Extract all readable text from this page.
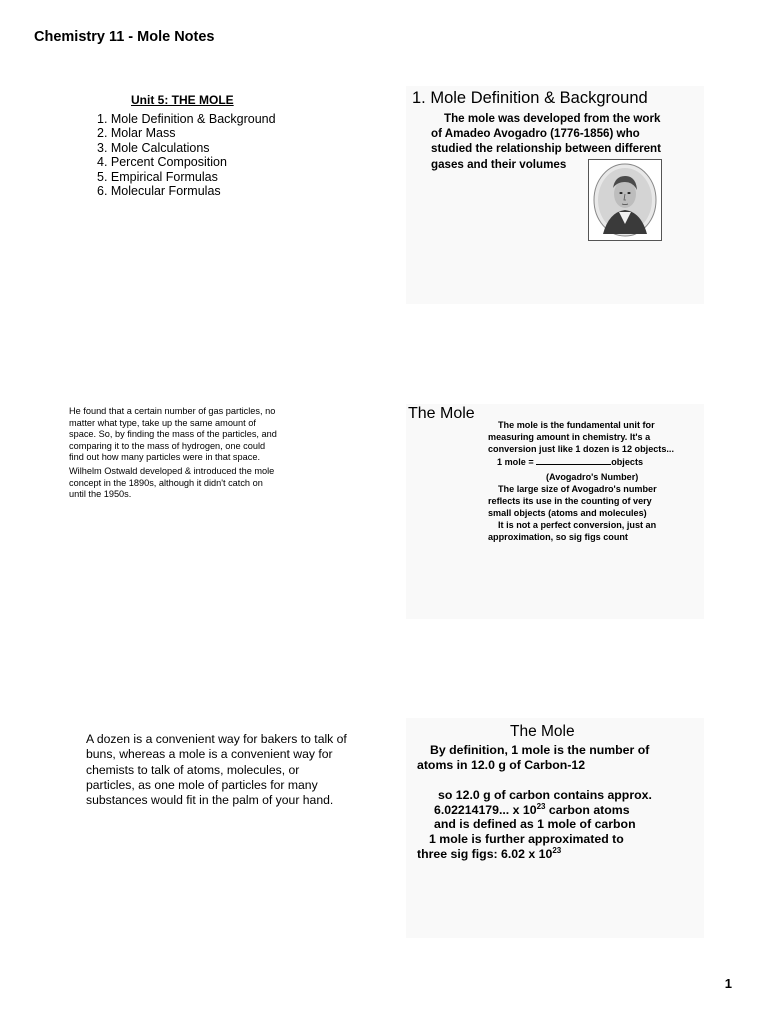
Chemistry 11 - Mole Notes
Unit 5: THE MOLE
1. Mole Definition & Background
2. Molar Mass
3. Mole Calculations
4. Percent Composition
5. Empirical Formulas
6. Molecular Formulas
1. Mole Definition & Background
The mole was developed from the work
of Amadeo Avogadro (1776-1856) who
studied the relationship between different
gases and their volumes

He found that a certain number of gas particles, no matter what type, take up the same amount of space. So, by finding the mass of the particles, and comparing it to the mass of hydrogen, one could find out how many particles were in that space.

Wilhelm Ostwald developed & introduced the mole concept in the 1890s, although it didn't catch on until the 1950s.

The Mole
The mole is the fundamental unit for
measuring amount in chemistry. It's a
conversion just like 1 dozen is 12 objects...
1 mole =	objects
(Avogadro's Number)
The large size of Avogadro's number
reflects its use in the counting of very
small objects (atoms and molecules)
It is not a perfect conversion, just an
approximation, so sig figs count
A dozen is a convenient way for bakers to talk of buns, whereas a mole is a convenient way for chemists to talk of atoms, molecules, or particles, as one mole of particles for many substances would fit in the palm of your hand.
The Mole
By definition, 1 mole is the number of
atoms in 12.0 g of Carbon-12
so 12.0 g of carbon contains approx.
6.02214179... x $10^{23}$ carbon atoms
and is defined as 1 mole of carbon
1 mole is further approximated to
three sig figs: 6.02 x $10^{23}$
1
